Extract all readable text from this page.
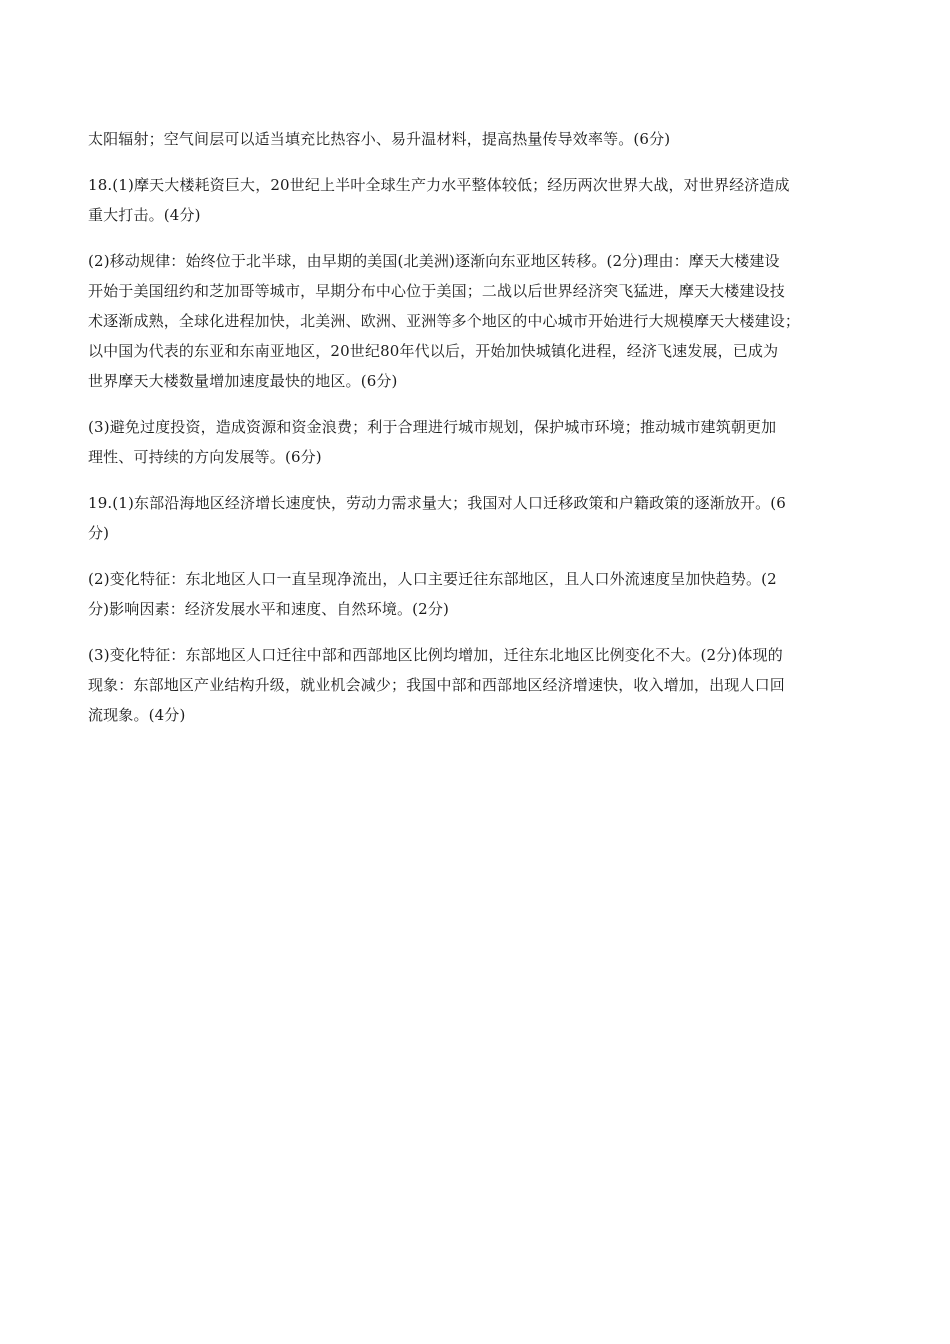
太阳辐射；空气间层可以适当填充比热容小、易升温材料，提高热量传导效率等。(6分)
18.(1)摩天大楼耗资巨大，20世纪上半叶全球生产力水平整体较低；经历两次世界大战，对世界经济造成
重大打击。(4分)
(2)移动规律：始终位于北半球，由早期的美国(北美洲)逐渐向东亚地区转移。(2分)理由：摩天大楼建设
开始于美国纽约和芝加哥等城市，早期分布中心位于美国；二战以后世界经济突飞猛进，摩天大楼建设技
术逐渐成熟，全球化进程加快，北美洲、欧洲、亚洲等多个地区的中心城市开始进行大规模摩天大楼建设；
以中国为代表的东亚和东南亚地区，20世纪80年代以后，开始加快城镇化进程，经济飞速发展，已成为
世界摩天大楼数量增加速度最快的地区。(6分)
(3)避免过度投资，造成资源和资金浪费；利于合理进行城市规划，保护城市环境；推动城市建筑朝更加
理性、可持续的方向发展等。(6分)
19.(1)东部沿海地区经济增长速度快，劳动力需求量大；我国对人口迁移政策和户籍政策的逐渐放开。(6
分)
(2)变化特征：东北地区人口一直呈现净流出，人口主要迁往东部地区，且人口外流速度呈加快趋势。(2
分)影响因素：经济发展水平和速度、自然环境。(2分)
(3)变化特征：东部地区人口迁往中部和西部地区比例均增加，迁往东北地区比例变化不大。(2分)体现的
现象：东部地区产业结构升级，就业机会减少；我国中部和西部地区经济增速快，收入增加，出现人口回
流现象。(4分)
